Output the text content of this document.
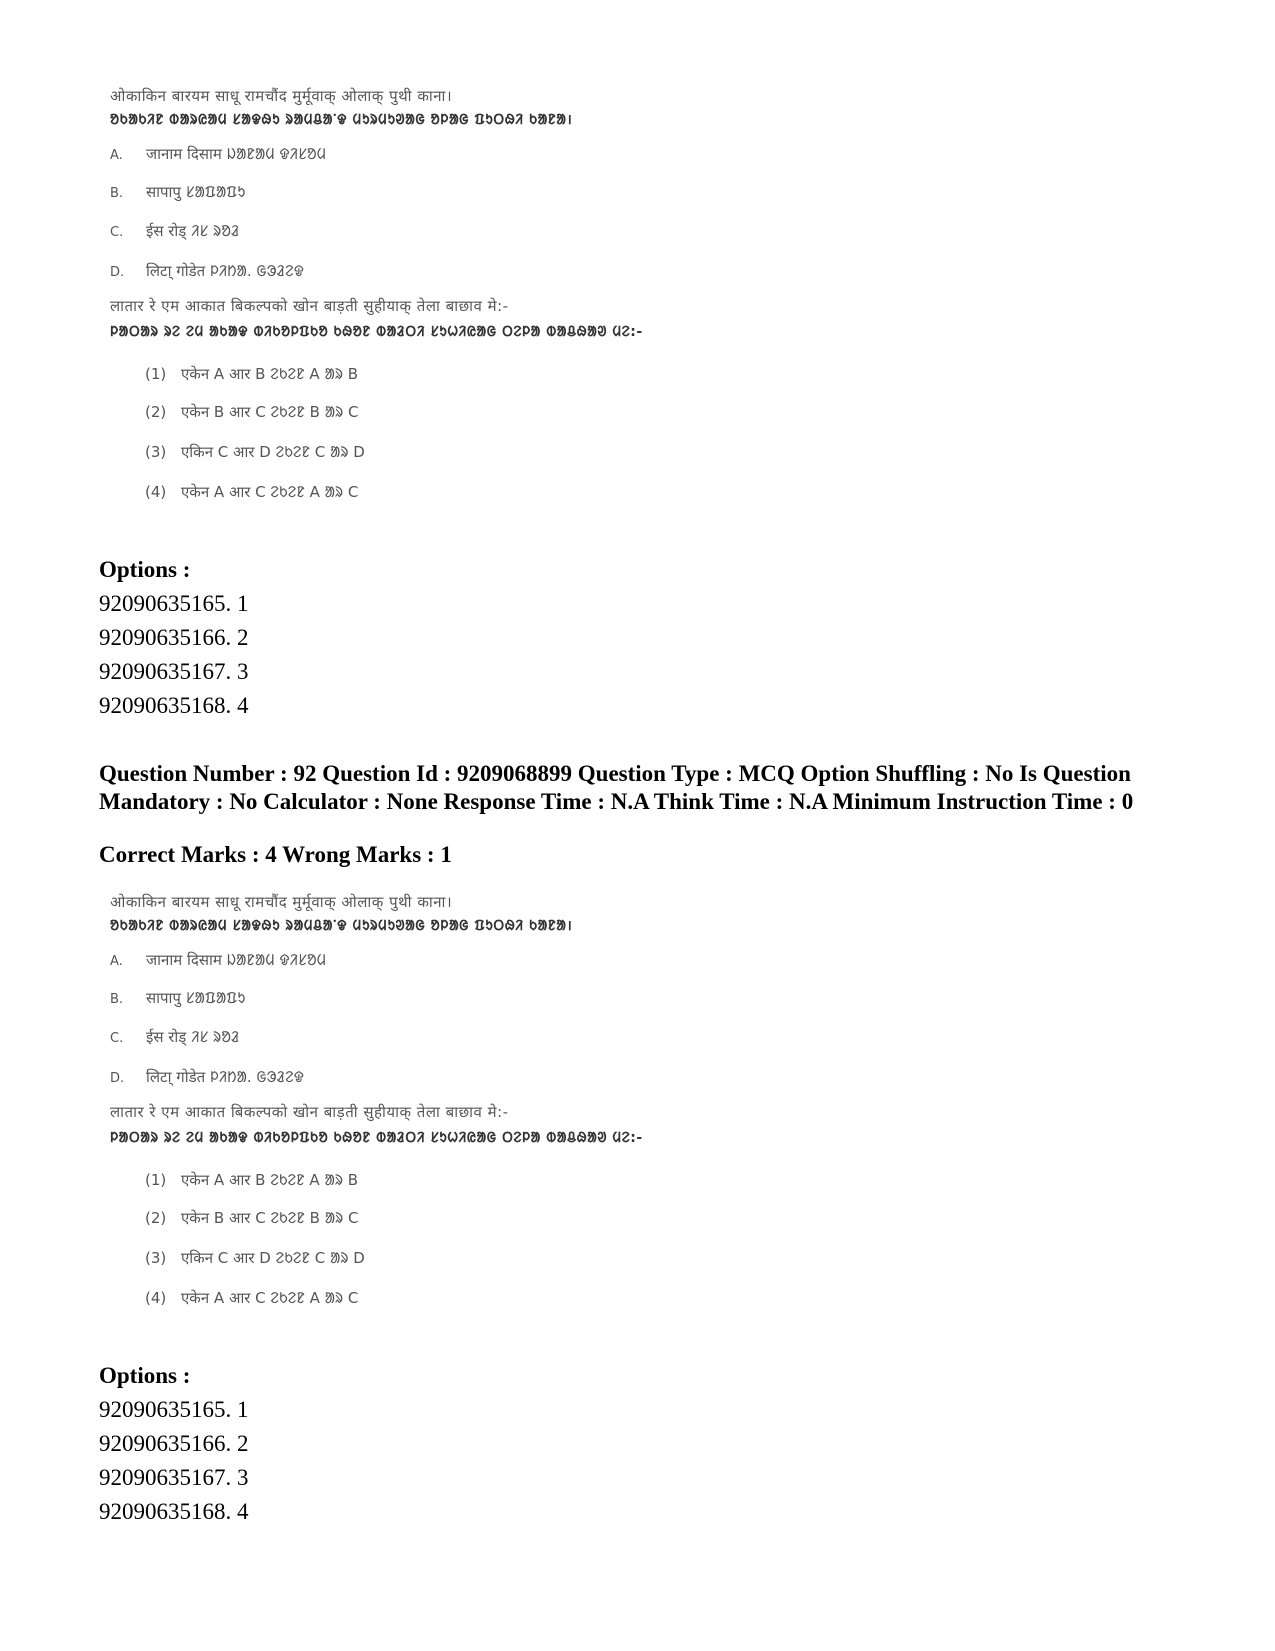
ओकाकिन बारयम साधू रामचौंद मुर्मूवाक् ओलाक् पुथी काना।
ᱚᱠᱟᱠᱤᱱ ᱵᱟᱨᱭᱟᱢ ᱥᱟᱫᱷᱩ ᱨᱟᱢᱪᱟᱸᱫ ᱢᱩᱨᱢᱩᱣᱟᱜ ᱚᱞᱟᱜ ᱯᱩᱛᱷᱤ ᱠᱟᱱᱟ।
A. जानाम दिसाम ᱡᱟᱱᱟᱢ ᱫᱤᱥᱚᱢ
B. सापापु ᱥᱟᱯᱟᱯᱩ
C. ईस रोड् ᱤᱥ ᱨᱚᱲ
D. लिटा् गोडेत ᱞᱤᱴᱟ. ᱜᱳᱲᱮᱫ
लातार रे एम आकात बिकल्पको खोन बाड़ती सुहीयाक् तेला बाछाव मे:-
ᱞᱟᱛᱟᱨ ᱨᱮ ᱮᱢ ᱟᱠᱟᱫ ᱵᱤᱠᱚᱞᱯᱠᱚ ᱠᱷᱚᱱ ᱵᱟᱲᱛᱤ ᱥᱩᱦᱤᱭᱟᱜ ᱛᱮᱞᱟ ᱵᱟᱪᱷᱟᱣ ᱢᱮ:-
(1) एकेन A आर B ᱮᱠᱮᱱ A ᱟᱨ B
(2) एकेन B आर C ᱮᱠᱮᱱ B ᱟᱨ C
(3) एकिन C आर D ᱮᱠᱮᱱ C ᱟᱨ D
(4) एकेन A आर C ᱮᱠᱮᱱ A ᱟᱨ C
Options :
92090635165. 1
92090635166. 2
92090635167. 3
92090635168. 4
Question Number : 92 Question Id : 9209068899 Question Type : MCQ Option Shuffling : No Is Question Mandatory : No Calculator : None Response Time : N.A Think Time : N.A Minimum Instruction Time : 0
Correct Marks : 4 Wrong Marks : 1
ओकाकिन बारयम साधू रामचौंद मुर्मूवाक् ओलाक् पुथी काना।
ᱚᱠᱟᱠᱤᱱ ᱵᱟᱨᱭᱟᱢ ᱥᱟᱫᱷᱩ ᱨᱟᱢᱪᱟᱸᱫ ᱢᱩᱨᱢᱩᱣᱟᱜ ᱚᱞᱟᱜ ᱯᱩᱛᱷᱤ ᱠᱟᱱᱟ।
A. जानाम दिसाम ᱡᱟᱱᱟᱢ ᱫᱤᱥᱚᱢ
B. सापापु ᱥᱟᱯᱟᱯᱩ
C. ईस रोड् ᱤᱥ ᱨᱚᱲ
D. लिटा् गोडेत ᱞᱤᱴᱟ. ᱜᱳᱲᱮᱫ
लातार रे एम आकात बिकल्पको खोन बाड़ती सुहीयाक् तेला बाछाव मे:-
ᱞᱟᱛᱟᱨ ᱨᱮ ᱮᱢ ᱟᱠᱟᱫ ᱵᱤᱠᱚᱞᱯᱠᱚ ᱠᱷᱚᱱ ᱵᱟᱲᱛᱤ ᱥᱩᱦᱤᱭᱟᱜ ᱛᱮᱞᱟ ᱵᱟᱪᱷᱟᱣ ᱢᱮ:-
(1) एकेन A आर B ᱮᱠᱮᱱ A ᱟᱨ B
(2) एकेन B आर C ᱮᱠᱮᱱ B ᱟᱨ C
(3) एकिन C आर D ᱮᱠᱮᱱ C ᱟᱨ D
(4) एकेन A आर C ᱮᱠᱮᱱ A ᱟᱨ C
Options :
92090635165. 1
92090635166. 2
92090635167. 3
92090635168. 4
